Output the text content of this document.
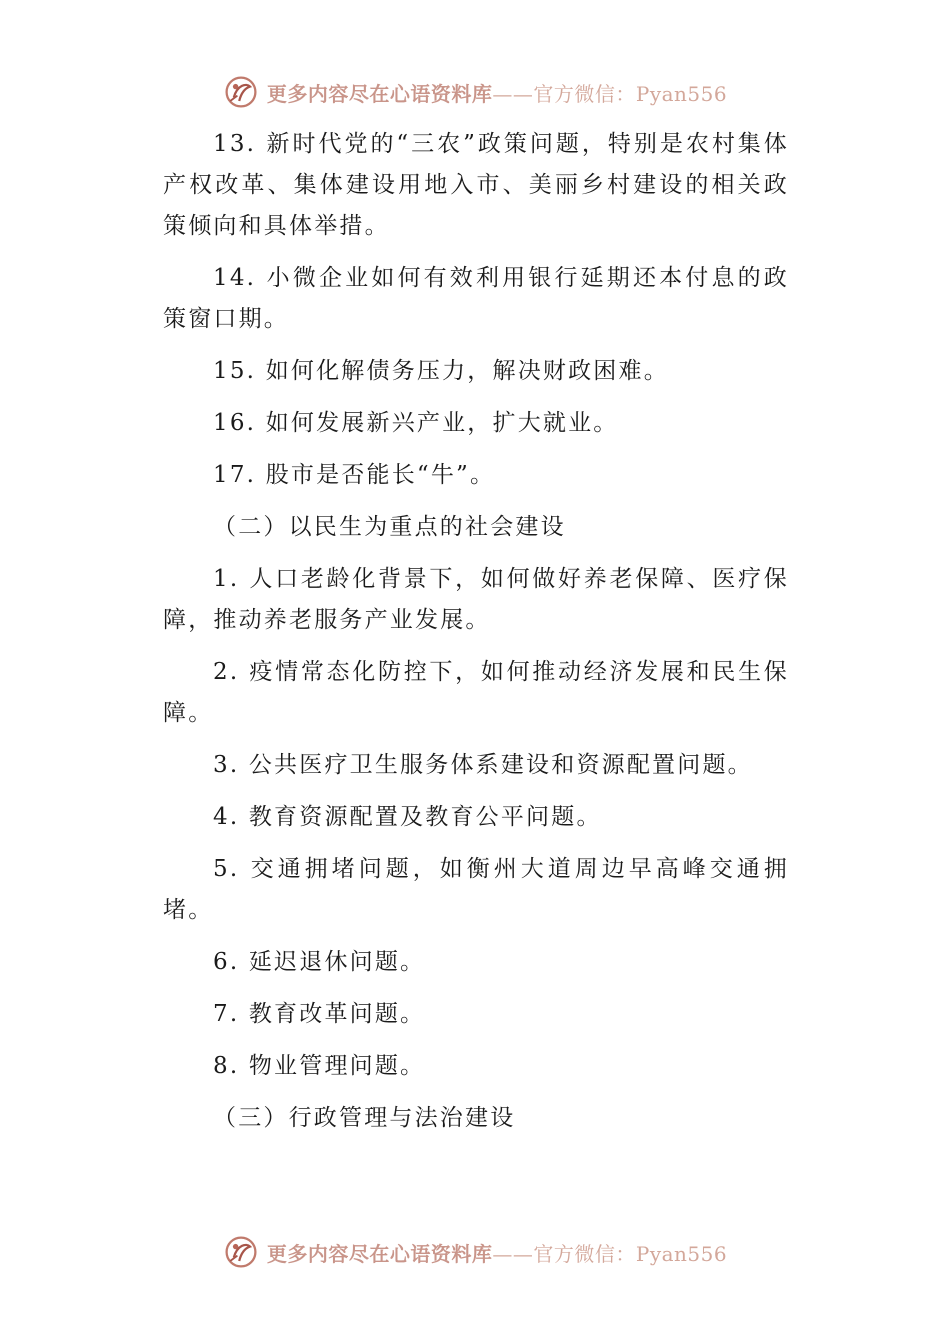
更多内容尽在心语资料库——官方微信：Pyan556

13. 新时代党的“三农”政策问题，特别是农村集体产权改革、集体建设用地入市、美丽乡村建设的相关政策倾向和具体举措。

14. 小微企业如何有效利用银行延期还本付息的政策窗口期。

15. 如何化解债务压力，解决财政困难。

16. 如何发展新兴产业，扩大就业。

17. 股市是否能长“牛”。

（二）以民生为重点的社会建设

1. 人口老龄化背景下，如何做好养老保障、医疗保障，推动养老服务产业发展。

2. 疫情常态化防控下，如何推动经济发展和民生保障。

3. 公共医疗卫生服务体系建设和资源配置问题。

4. 教育资源配置及教育公平问题。

5. 交通拥堵问题，如衡州大道周边早高峰交通拥堵。

6. 延迟退休问题。

7. 教育改革问题。

8. 物业管理问题。

（三）行政管理与法治建设

更多内容尽在心语资料库——官方微信：Pyan556
